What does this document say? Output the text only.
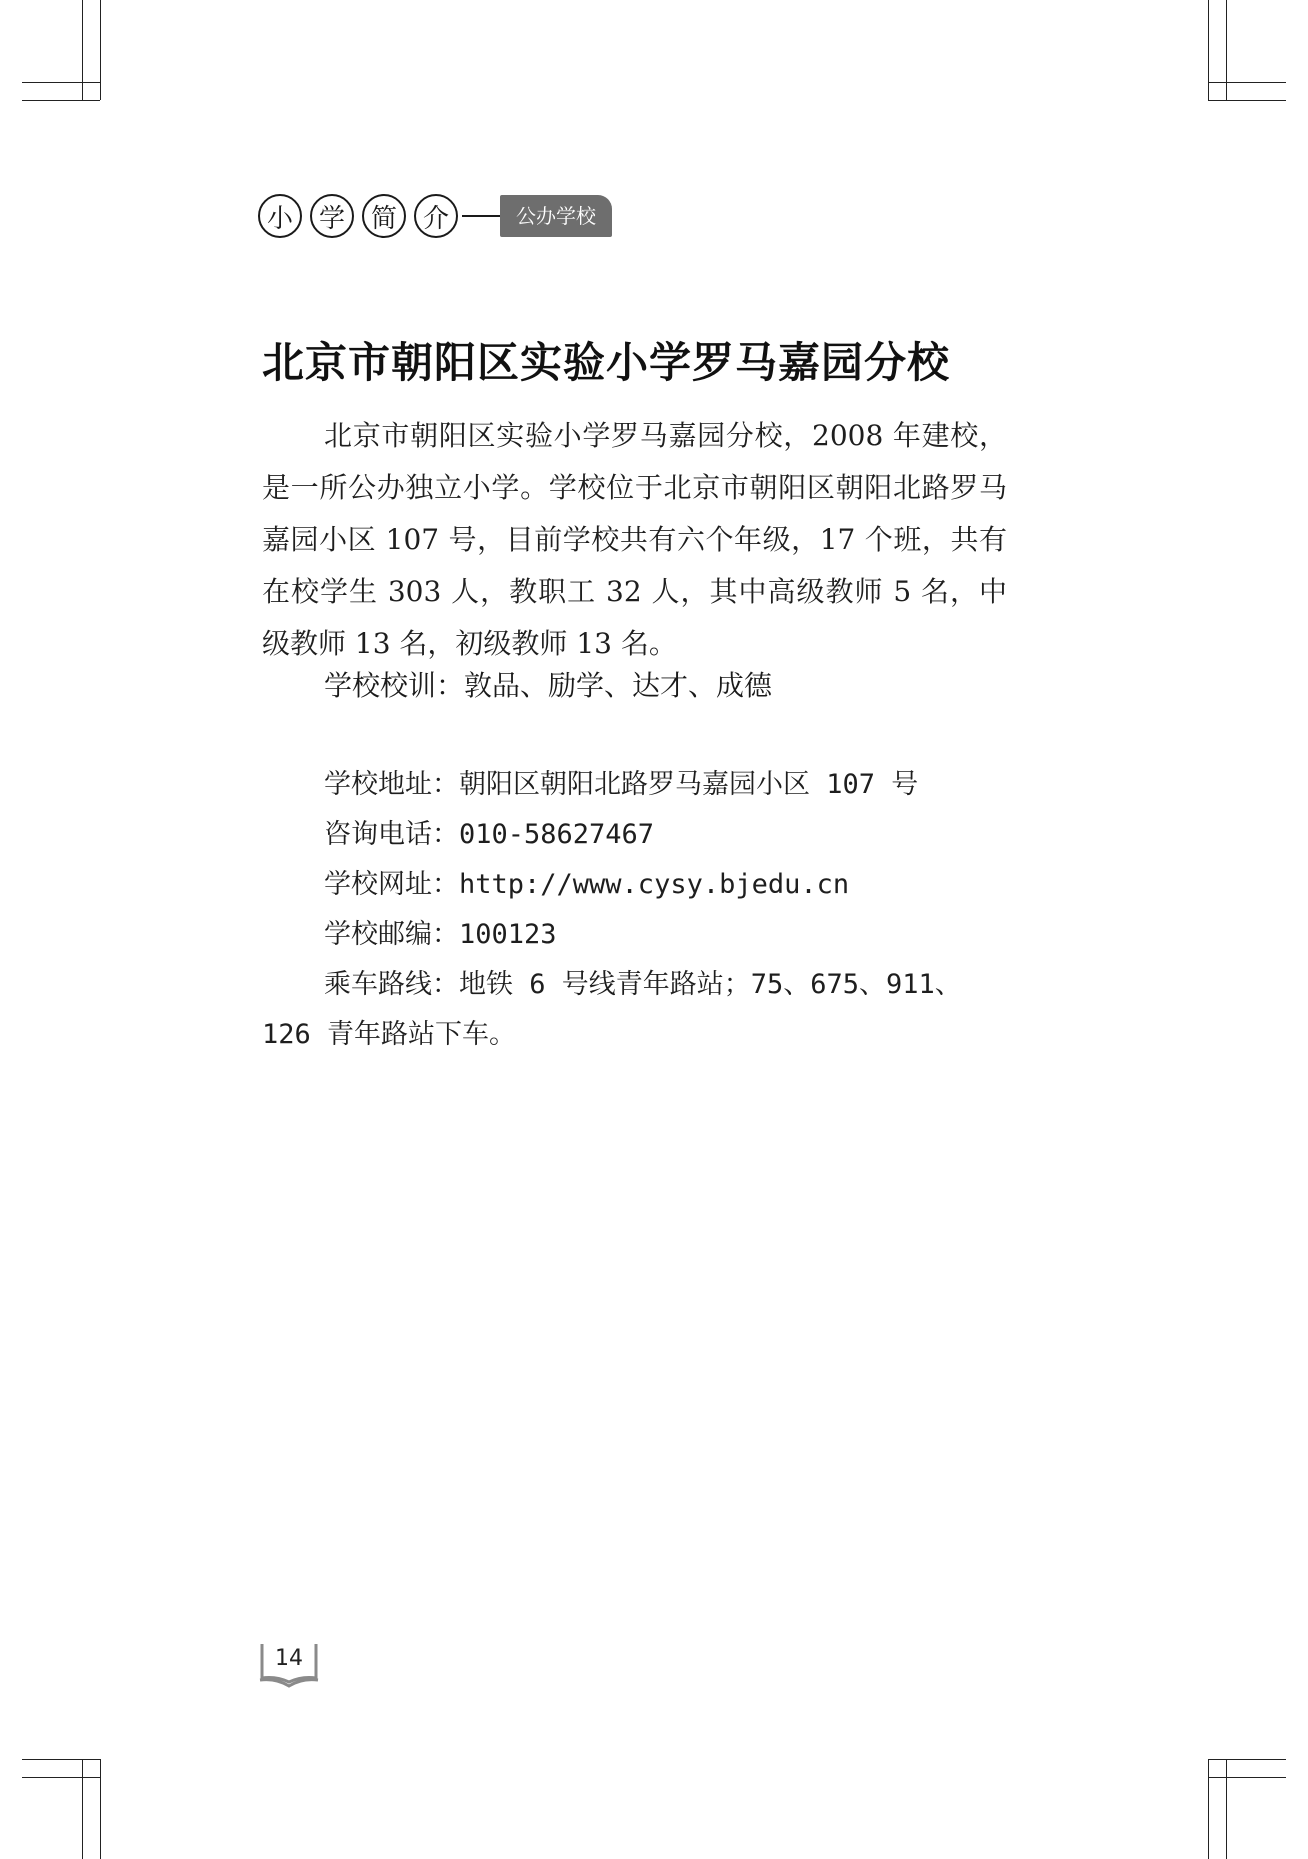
小 学 简 介	公办学校
北京市朝阳区实验小学罗马嘉园分校

北京市朝阳区实验小学罗马嘉园分校，2008 年建校，是一所公办独立小学。学校位于北京市朝阳区朝阳北路罗马嘉园小区 107 号，目前学校共有六个年级，17 个班，共有在校学生 303 人，教职工 32 人，其中高级教师 5 名，中级教师 13 名，初级教师 13 名。

学校校训：敦品、励学、达才、成德

学校地址：朝阳区朝阳北路罗马嘉园小区 107 号
咨询电话：010-58627467
学校网址：http://www.cysy.bjedu.cn
学校邮编：100123
乘车路线：地铁 6 号线青年路站；75、675、911、126 青年路站下车。
14
